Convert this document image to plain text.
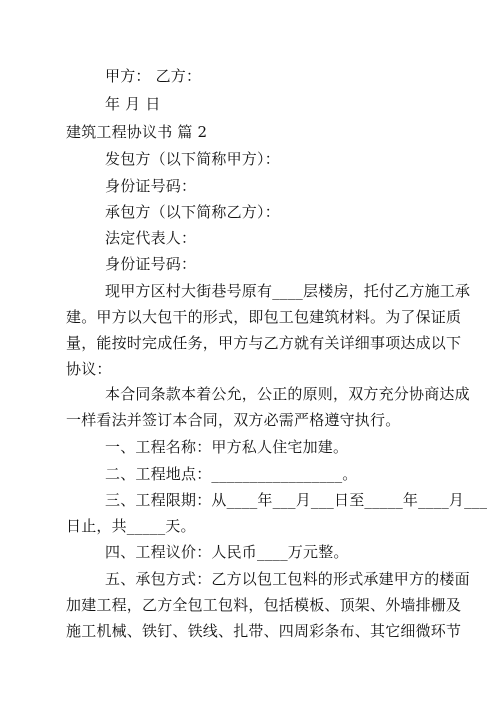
甲方： 乙方：
年 月 日
建筑工程协议书 篇 2
发包方（以下简称甲方）：
身份证号码：
承包方（以下简称乙方）：
法定代表人：
身份证号码：
现甲方区村大街巷号原有____层楼房，托付乙方施工承
建。甲方以大包干的形式，即包工包建筑材料。为了保证质
量，能按时完成任务，甲方与乙方就有关详细事项达成以下
协议：
本合同条款本着公允，公正的原则，双方充分协商达成
一样看法并签订本合同，双方必需严格遵守执行。
一、工程名称：甲方私人住宅加建。
二、工程地点：_________________。
三、工程限期：从____年___月___日至_____年____月___
日止，共_____天。
四、工程议价：人民币____万元整。
五、承包方式：乙方以包工包料的形式承建甲方的楼面
加建工程，乙方全包工包料，包括模板、顶架、外墙排栅及
施工机械、铁钉、铁线、扎带、四周彩条布、其它细微环节
